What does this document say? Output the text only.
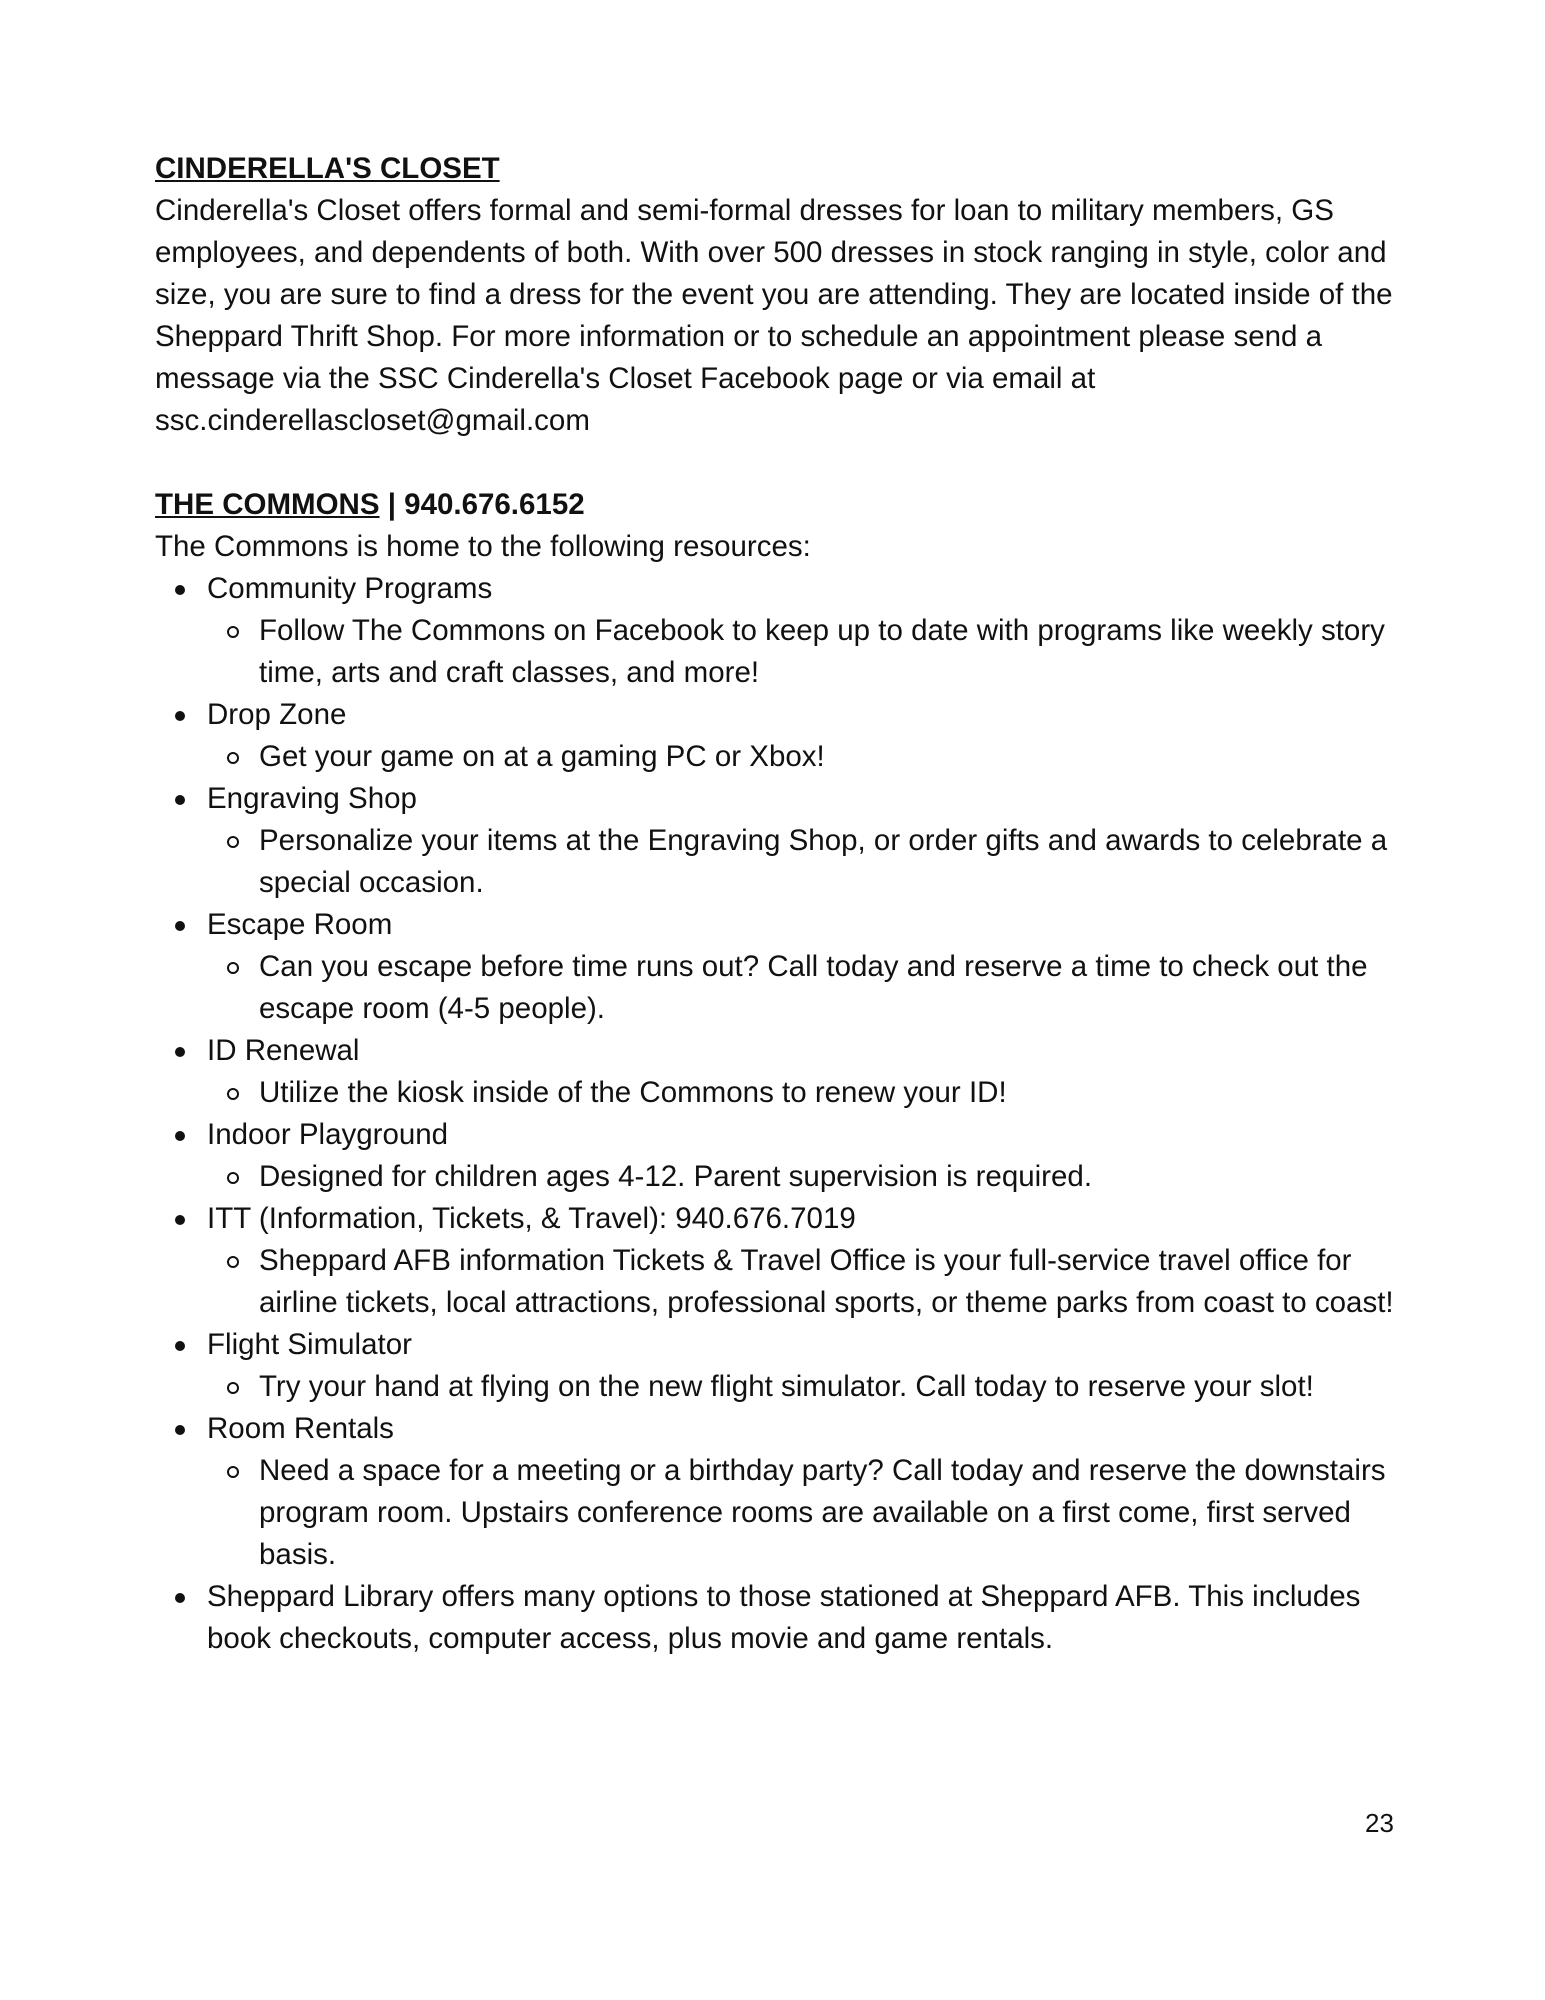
CINDERELLA'S CLOSET

Cinderella's Closet offers formal and semi-formal dresses for loan to military members, GS employees, and dependents of both. With over 500 dresses in stock ranging in style, color and size, you are sure to find a dress for the event you are attending. They are located inside of the Sheppard Thrift Shop. For more information or to schedule an appointment please send a message via the SSC Cinderella's Closet Facebook page or via email at ssc.cinderellascloset@gmail.com

THE COMMONS | 940.676.6152

The Commons is home to the following resources:

Community Programs
Follow The Commons on Facebook to keep up to date with programs like weekly story time, arts and craft classes, and more!
Drop Zone
Get your game on at a gaming PC or Xbox!
Engraving Shop
Personalize your items at the Engraving Shop, or order gifts and awards to celebrate a special occasion.
Escape Room
Can you escape before time runs out? Call today and reserve a time to check out the escape room (4-5 people).
ID Renewal
Utilize the kiosk inside of the Commons to renew your ID!
Indoor Playground
Designed for children ages 4-12. Parent supervision is required.
ITT (Information, Tickets, & Travel): 940.676.7019
Sheppard AFB information Tickets & Travel Office is your full-service travel office for airline tickets, local attractions, professional sports, or theme parks from coast to coast!
Flight Simulator
Try your hand at flying on the new flight simulator. Call today to reserve your slot!
Room Rentals
Need a space for a meeting or a birthday party? Call today and reserve the downstairs program room. Upstairs conference rooms are available on a first come, first served basis.
Sheppard Library offers many options to those stationed at Sheppard AFB. This includes book checkouts, computer access, plus movie and game rentals.
23
